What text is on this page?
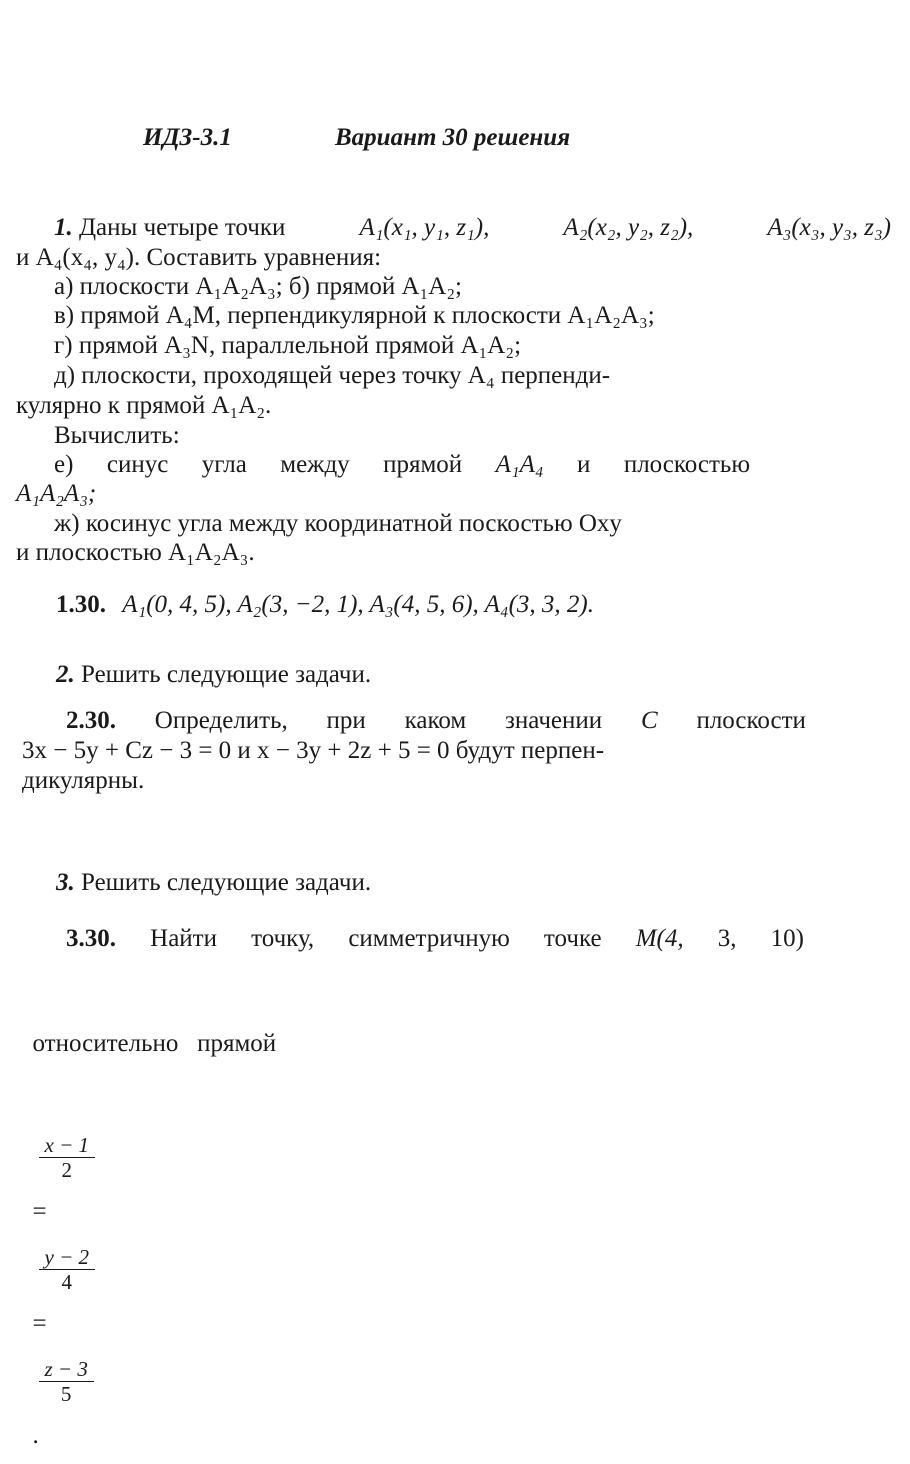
ИДЗ-3.1	Вариант 30 решения
1. Даны четыре точки	A₁(x₁, y₁, z₁),	A₂(x₂, y₂, z₂),	A₃(x₃, y₃, z₃)
и A₄(x₄, y₄). Составить уравнения:
а) плоскости A₁A₂A₃; б) прямой A₁A₂;
в) прямой A₄M, перпендикулярной к плоскости A₁A₂A₃;
г) прямой A₃N, параллельной прямой A₁A₂;
д) плоскости, проходящей через точку A₄ перпенди-
кулярно к прямой A₁A₂.
Вычислить:
е) синус угла между прямой A₁A₄ и плоскостью
A₁A₂A₃;
ж) косинус угла между координатной поскостью Oxy
и плоскостью A₁A₂A₃.
1.30. A₁(0, 4, 5), A₂(3, −2, 1), A₃(4, 5, 6), A₄(3, 3, 2).
2. Решить следующие задачи.
2.30. Определить, при каком значении C плоскости
3x − 5y + Cz − 3 = 0 и x − 3y + 2z + 5 = 0 будут перпен-
дикулярны.
3. Решить следующие задачи.
3.30. Найти точку, симметричную точке M(4, 3, 10)

относительно   прямой

$\frac{x - 1}{2}$

=

$\frac{y - 2}{4}$

=

$\frac{z - 3}{5}$

.
